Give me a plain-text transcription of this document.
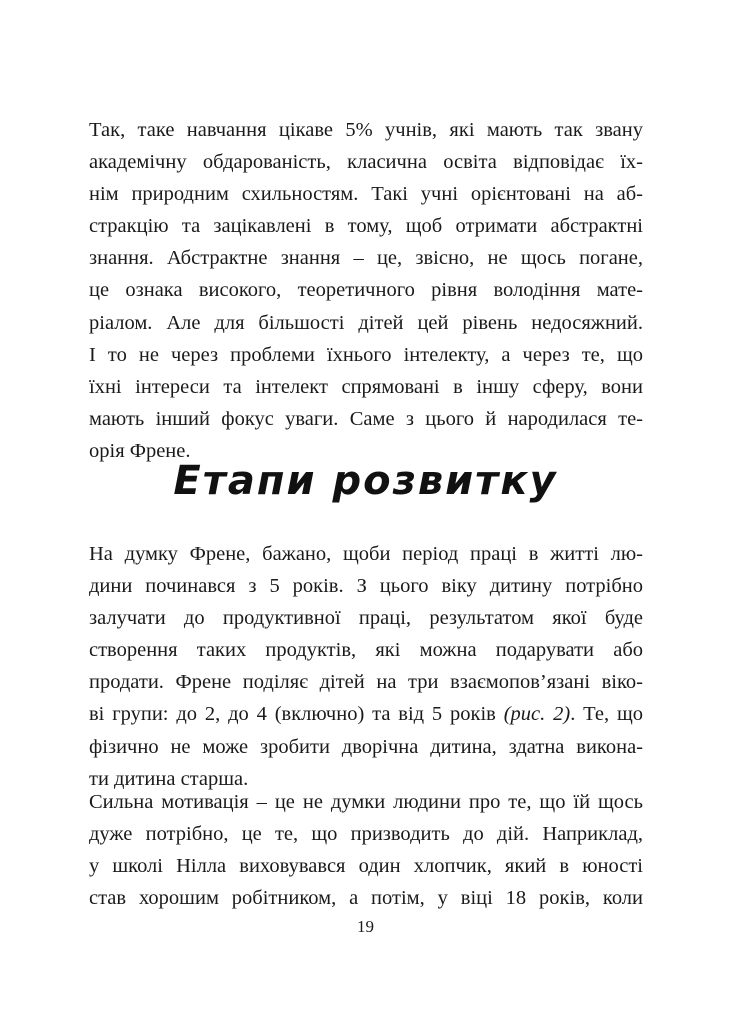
Так, таке навчання цікаве 5% учнів, які мають так звану
академічну обдарованість, класична освіта відповідає їх-
нім природним схильностям. Такі учні орієнтовані на аб-
стракцію та зацікавлені в тому, щоб отримати абстрактні
знання. Абстрактне знання – це, звісно, не щось погане,
це ознака високого, теоретичного рівня володіння мате-
ріалом. Але для більшості дітей цей рівень недосяжний.
І то не через проблеми їхнього інтелекту, а через те, що
їхні інтереси та інтелект спрямовані в іншу сферу, вони
мають інший фокус уваги. Саме з цього й народилася те-
орія Френе.
Етапи розвитку
На думку Френе, бажано, щоби період праці в житті лю-
дини починався з 5 років. З цього віку дитину потрібно
залучати до продуктивної праці, результатом якої буде
створення таких продуктів, які можна подарувати або
продати. Френе поділяє дітей на три взаємопов’язані віко-
ві групи: до 2, до 4 (включно) та від 5 років (рис. 2). Те, що
фізично не може зробити дворічна дитина, здатна викона-
ти дитина старша.
Сильна мотивація – це не думки людини про те, що їй щось
дуже потрібно, це те, що призводить до дій. Наприклад,
у школі Нілла виховувався один хлопчик, який в юності
став хорошим робітником, а потім, у віці 18 років, коли
19
